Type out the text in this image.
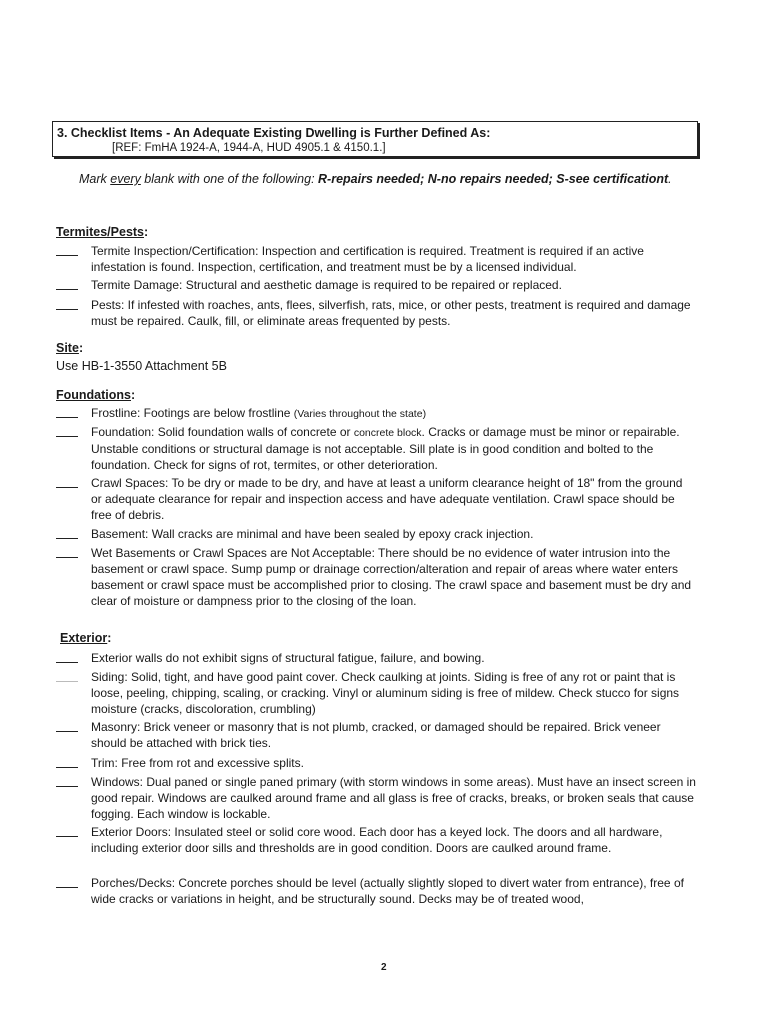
3. Checklist Items - An Adequate Existing Dwelling is Further Defined As:
[REF: FmHA 1924-A, 1944-A, HUD 4905.1 & 4150.1.]
Mark every blank with one of the following: R-repairs needed; N-no repairs needed; S-see certificationt.
Termites/Pests:
Termite Inspection/Certification: Inspection and certification is required. Treatment is required if an active infestation is found. Inspection, certification, and treatment must be by a licensed individual.
Termite Damage: Structural and aesthetic damage is required to be repaired or replaced.
Pests: If infested with roaches, ants, flees, silverfish, rats, mice, or other pests, treatment is required and damage must be repaired. Caulk, fill, or eliminate areas frequented by pests.
Site:
Use HB-1-3550 Attachment 5B
Foundations:
Frostline: Footings are below frostline (Varies throughout the state)
Foundation: Solid foundation walls of concrete or concrete block. Cracks or damage must be minor or repairable. Unstable conditions or structural damage is not acceptable. Sill plate is in good condition and bolted to the foundation. Check for signs of rot, termites, or other deterioration.
Crawl Spaces: To be dry or made to be dry, and have at least a uniform clearance height of 18" from the ground or adequate clearance for repair and inspection access and have adequate ventilation. Crawl space should be free of debris.
Basement: Wall cracks are minimal and have been sealed by epoxy crack injection.
Wet Basements or Crawl Spaces are Not Acceptable: There should be no evidence of water intrusion into the basement or crawl space. Sump pump or drainage correction/alteration and repair of areas where water enters basement or crawl space must be accomplished prior to closing. The crawl space and basement must be dry and clear of moisture or dampness prior to the closing of the loan.
Exterior:
Exterior walls do not exhibit signs of structural fatigue, failure, and bowing.
Siding: Solid, tight, and have good paint cover. Check caulking at joints. Siding is free of any rot or paint that is loose, peeling, chipping, scaling, or cracking. Vinyl or aluminum siding is free of mildew. Check stucco for signs moisture (cracks, discoloration, crumbling)
Masonry: Brick veneer or masonry that is not plumb, cracked, or damaged should be repaired. Brick veneer should be attached with brick ties.
Trim: Free from rot and excessive splits.
Windows: Dual paned or single paned primary (with storm windows in some areas). Must have an insect screen in good repair. Windows are caulked around frame and all glass is free of cracks, breaks, or broken seals that cause fogging. Each window is lockable.
Exterior Doors: Insulated steel or solid core wood. Each door has a keyed lock. The doors and all hardware, including exterior door sills and thresholds are in good condition. Doors are caulked around frame.
Porches/Decks: Concrete porches should be level (actually slightly sloped to divert water from entrance), free of wide cracks or variations in height, and be structurally sound. Decks may be of treated wood,
2
